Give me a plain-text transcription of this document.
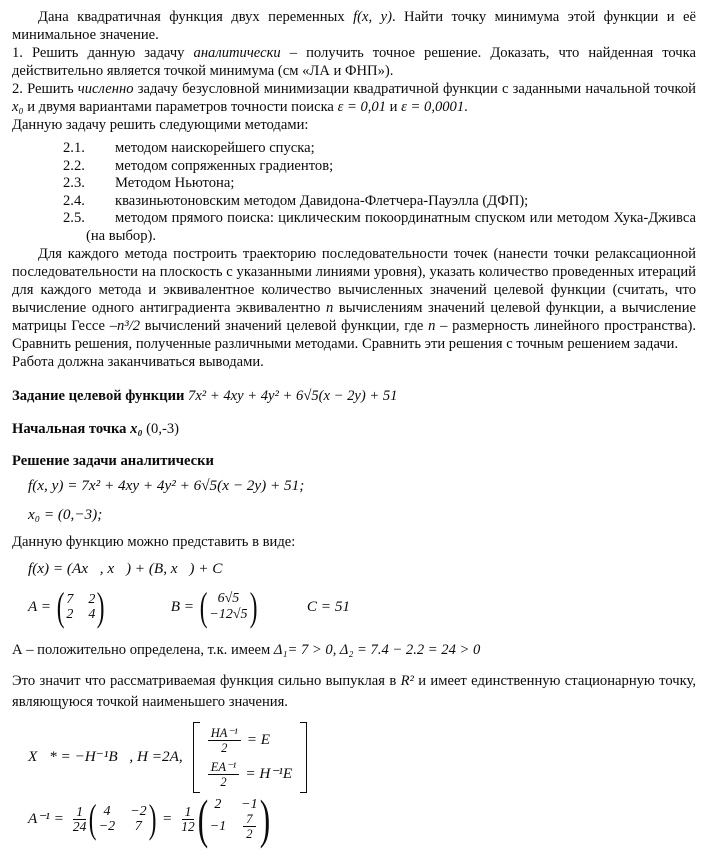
Дана квадратичная функция двух переменных f(x, y). Найти точку минимума этой функции и её минимальное значение.

1. Решить данную задачу аналитически – получить точное решение. Доказать, что найденная точка действительно является точкой минимума (см «ЛА и ФНП»).

2. Решить численно задачу безусловной минимизации квадратичной функции с заданными начальной точкой x₀ и двумя вариантами параметров точности поиска ε = 0,01 и ε = 0,0001.

Данную задачу решить следующими методами:

2.1. методом наискорейшего спуска;

2.2. методом сопряженных градиентов;

2.3. Методом Ньютона;

2.4. квазиньютоновским методом Давидона-Флетчера-Пауэлла (ДФП);

2.5. методом прямого поиска: циклическим покоординатным спуском или методом Хука-Дживса (на выбор).

Для каждого метода построить траекторию последовательности точек (нанести точки релаксационной последовательности на плоскость с указанными линиями уровня), указать количество проведенных итераций для каждого метода и эквивалентное количество вычисленных значений целевой функции (считать, что вычисление одного антиградиента эквивалентно n вычислениям значений целевой функции, а вычисление матрицы Гессе –n³/2 вычислений значений целевой функции, где n – размерность линейного пространства). Сравнить решения, полученные различными методами. Сравнить эти решения с точным решением задачи.

Работа должна заканчиваться выводами.

Задание целевой функции 7x² + 4xy + 4y² + 6√5(x − 2y) + 51

Начальная точка x₀ (0,-3)

Решение задачи аналитически

f(x, y) = 7x² + 4xy + 4y² + 6√5(x − 2y) + 51;

x₀ = (0,−3);

Данную функцию можно представить в виде:

f(x) = (Ax⃗, x⃗) + (B, x⃗) + C

A = ( 7 2
2 4 )	B = ( 6√5
−12√5 )	C = 51

А – положительно определена, т.к. имеем Δ₁= 7 > 0, Δ₂ = 7.4 − 2.2 = 24 > 0

Это значит что рассматриваемая функция сильно выпуклая в R² и имеет единственную стационарную точку, являющуюся точкой наименьшего значения.

X⃗* = −H⁻¹B⃗, H =2A,
$\frac{\text{HA⁻¹}}{2} = E$
$\frac{\text{EA⁻¹}}{2} = H^{-1}E$
$A^{-1} = \frac{1}{24}$ ( 4 −2
−2 7 ) = $\frac{1}{12}$ ( 2 −1
$-1 \frac{7}{2}$ )
